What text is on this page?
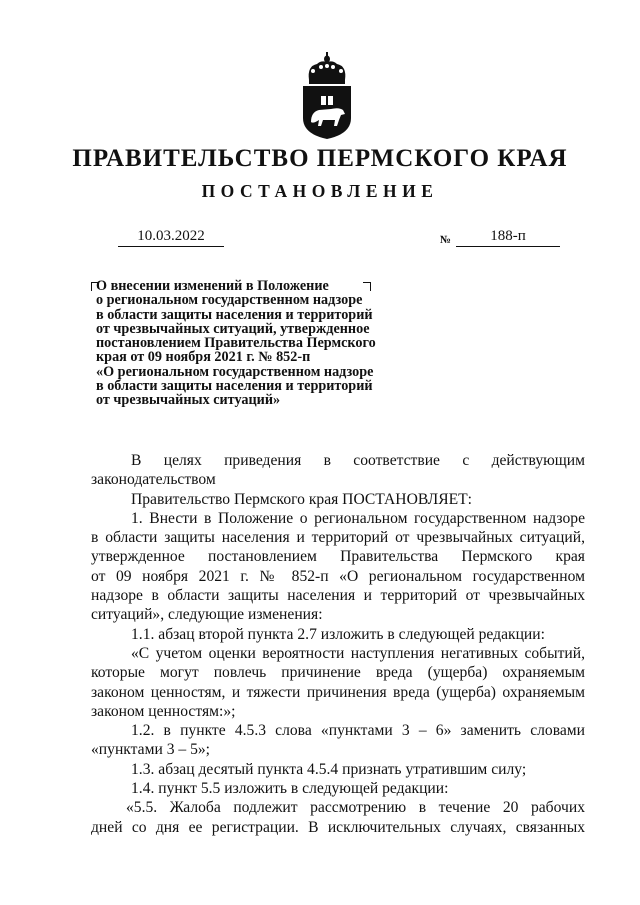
ПРАВИТЕЛЬСТВО ПЕРМСКОГО КРАЯ
ПОСТАНОВЛЕНИЕ
10.03.2022	№	188-п
О внесении изменений в Положение
о региональном государственном надзоре
в области защиты населения и территорий
от чрезвычайных ситуаций, утвержденное
постановлением Правительства Пермского
края от 09 ноября 2021 г. № 852-п
«О региональном государственном надзоре
в области защиты населения и территорий
от чрезвычайных ситуаций»
В целях приведения в соответствие с действующим
законодательством
Правительство Пермского края ПОСТАНОВЛЯЕТ:
1. Внести в Положение о региональном государственном надзоре
в области защиты населения и территорий от чрезвычайных ситуаций,
утвержденное постановлением Правительства Пермского края
от 09 ноября 2021 г. № 852-п «О региональном государственном
надзоре в области защиты населения и территорий от чрезвычайных
ситуаций», следующие изменения:
1.1. абзац второй пункта 2.7 изложить в следующей редакции:
«С учетом оценки вероятности наступления негативных событий,
которые могут повлечь причинение вреда (ущерба) охраняемым
законом ценностям, и тяжести причинения вреда (ущерба) охраняемым
законом ценностям:»;
1.2. в пункте 4.5.3 слова «пунктами 3 – 6» заменить словами
«пунктами 3 – 5»;
1.3. абзац десятый пункта 4.5.4 признать утратившим силу;
1.4. пункт 5.5 изложить в следующей редакции:
«5.5. Жалоба подлежит рассмотрению в течение 20 рабочих
дней со дня ее регистрации. В исключительных случаях, связанных
